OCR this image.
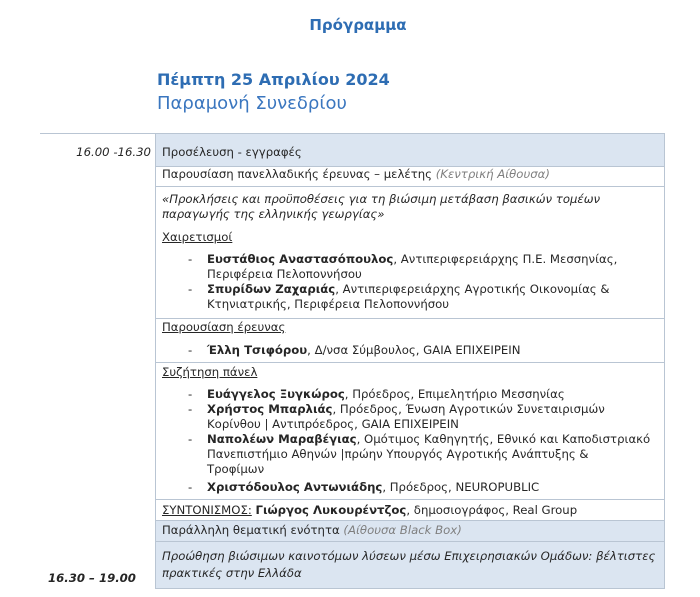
Πρόγραμμα
Πέμπτη 25 Απριλίου 2024
Παραμονή Συνεδρίου
16.00 -16.30 Προσέλευση - εγγραφές
Παρουσίαση πανελλαδικής έρευνας – μελέτης (Κεντρική Αίθουσα)
«Προκλήσεις και προϋποθέσεις για τη βιώσιμη μετάβαση βασικών τομέων
παραγωγής της ελληνικής γεωργίας»
Χαιρετισμοί
- Ευστάθιος Αναστασόπουλος, Αντιπεριφερειάρχης Π.Ε. Μεσσηνίας,
Περιφέρεια Πελοποννήσου
- Σπυρίδων Ζαχαριάς, Αντιπεριφερειάρχης Αγροτικής Οικονομίας &
Κτηνιατρικής, Περιφέρεια Πελοποννήσου
Παρουσίαση έρευνας
- Έλλη Τσιφόρου, Δ/νσα Σύμβουλος, GAIA ΕΠΙΧΕΙΡΕΙΝ
Συζήτηση πάνελ
- Ευάγγελος Ξυγκώρος, Πρόεδρος, Επιμελητήριο Μεσσηνίας
- Χρήστος Μπαρλιάς, Πρόεδρος, Ένωση Αγροτικών Συνεταιρισμών
Κορίνθου | Αντιπρόεδρος, GAIA ΕΠΙΧΕΙΡΕΙΝ
- Ναπολέων Μαραβέγιας, Ομότιμος Καθηγητής, Εθνικό και Καποδιστριακό
Πανεπιστήμιο Αθηνών |πρώην Υπουργός Αγροτικής Ανάπτυξης &
Τροφίμων
- Χριστόδουλος Αντωνιάδης, Πρόεδρος, NEUROPUBLIC
ΣΥΝΤΟΝΙΣΜΟΣ: Γιώργος Λυκουρέντζος, δημοσιογράφος, Real Group
Παράλληλη θεματική ενότητα (Αίθουσα Black Box)
Προώθηση βιώσιμων καινοτόμων λύσεων μέσω Επιχειρησιακών Ομάδων: βέλτιστες
πρακτικές στην Ελλάδα
16.30 – 19.00
